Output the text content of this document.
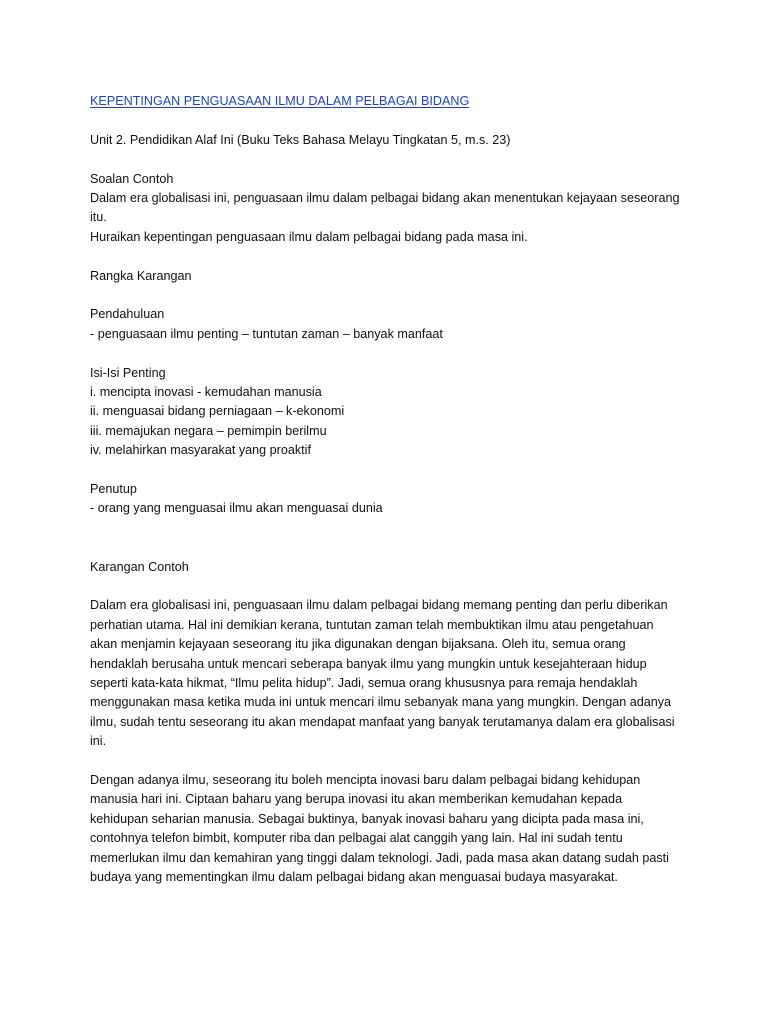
KEPENTINGAN PENGUASAAN ILMU DALAM PELBAGAI BIDANG
Unit 2. Pendidikan Alaf Ini (Buku Teks Bahasa Melayu Tingkatan 5, m.s. 23)
Soalan Contoh
Dalam era globalisasi ini, penguasaan ilmu dalam pelbagai bidang akan menentukan kejayaan seseorang
itu.
Huraikan kepentingan penguasaan ilmu dalam pelbagai bidang pada masa ini.
Rangka Karangan
Pendahuluan
- penguasaan ilmu penting – tuntutan zaman – banyak manfaat
Isi-Isi Penting
i. mencipta inovasi - kemudahan manusia
ii. menguasai bidang perniagaan – k-ekonomi
iii. memajukan negara – pemimpin berilmu
iv. melahirkan masyarakat yang proaktif
Penutup
- orang yang menguasai ilmu akan menguasai dunia
Karangan Contoh
Dalam era globalisasi ini, penguasaan ilmu dalam pelbagai bidang memang penting dan perlu diberikan
perhatian utama. Hal ini demikian kerana, tuntutan zaman telah membuktikan ilmu atau pengetahuan
akan menjamin kejayaan seseorang itu jika digunakan dengan bijaksana. Oleh itu, semua orang
hendaklah berusaha untuk mencari seberapa banyak ilmu yang mungkin untuk kesejahteraan hidup
seperti kata-kata hikmat, “Ilmu pelita hidup”. Jadi, semua orang khususnya para remaja hendaklah
menggunakan masa ketika muda ini untuk mencari ilmu sebanyak mana yang mungkin. Dengan adanya
ilmu, sudah tentu seseorang itu akan mendapat manfaat yang banyak terutamanya dalam era globalisasi
ini.
Dengan adanya ilmu, seseorang itu boleh mencipta inovasi baru dalam pelbagai bidang kehidupan
manusia hari ini. Ciptaan baharu yang berupa inovasi itu akan memberikan kemudahan kepada
kehidupan seharian manusia. Sebagai buktinya, banyak inovasi baharu yang dicipta pada masa ini,
contohnya telefon bimbit, komputer riba dan pelbagai alat canggih yang lain. Hal ini sudah tentu
memerlukan ilmu dan kemahiran yang tinggi dalam teknologi. Jadi, pada masa akan datang sudah pasti
budaya yang mementingkan ilmu dalam pelbagai bidang akan menguasai budaya masyarakat.
